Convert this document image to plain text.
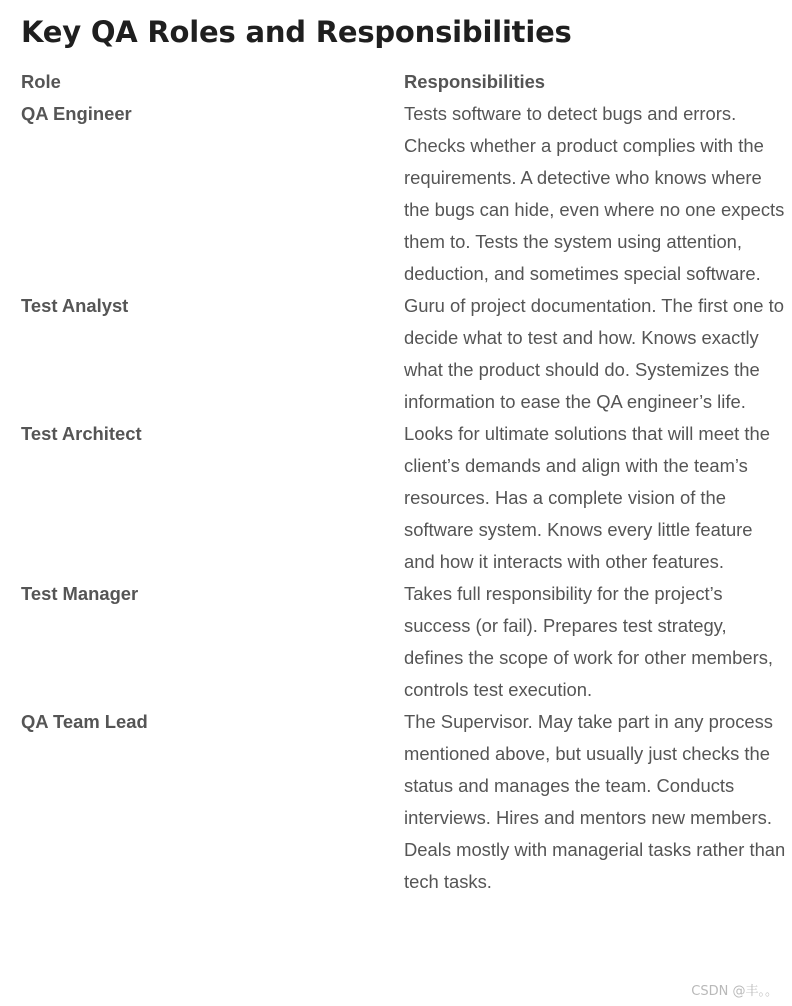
Key QA Roles and Responsibilities
Role	Responsibilities
QA Engineer	Tests software to detect bugs and errors. Checks whether a product complies with the requirements. A detective who knows where the bugs can hide, even where no one expects them to. Tests the system using attention, deduction, and sometimes special software.
Test Analyst	Guru of project documentation. The first one to decide what to test and how. Knows exactly what the product should do. Systemizes the information to ease the QA engineer’s life.
Test Architect	Looks for ultimate solutions that will meet the client’s demands and align with the team’s resources. Has a complete vision of the software system. Knows every little feature and how it interacts with other features.
Test Manager	Takes full responsibility for the project’s success (or fail). Prepares test strategy, defines the scope of work for other members, controls test execution.
QA Team Lead	The Supervisor. May take part in any process mentioned above, but usually just checks the status and manages the team. Conducts interviews. Hires and mentors new members. Deals mostly with managerial tasks rather than tech tasks.
CSDN @丰。。
